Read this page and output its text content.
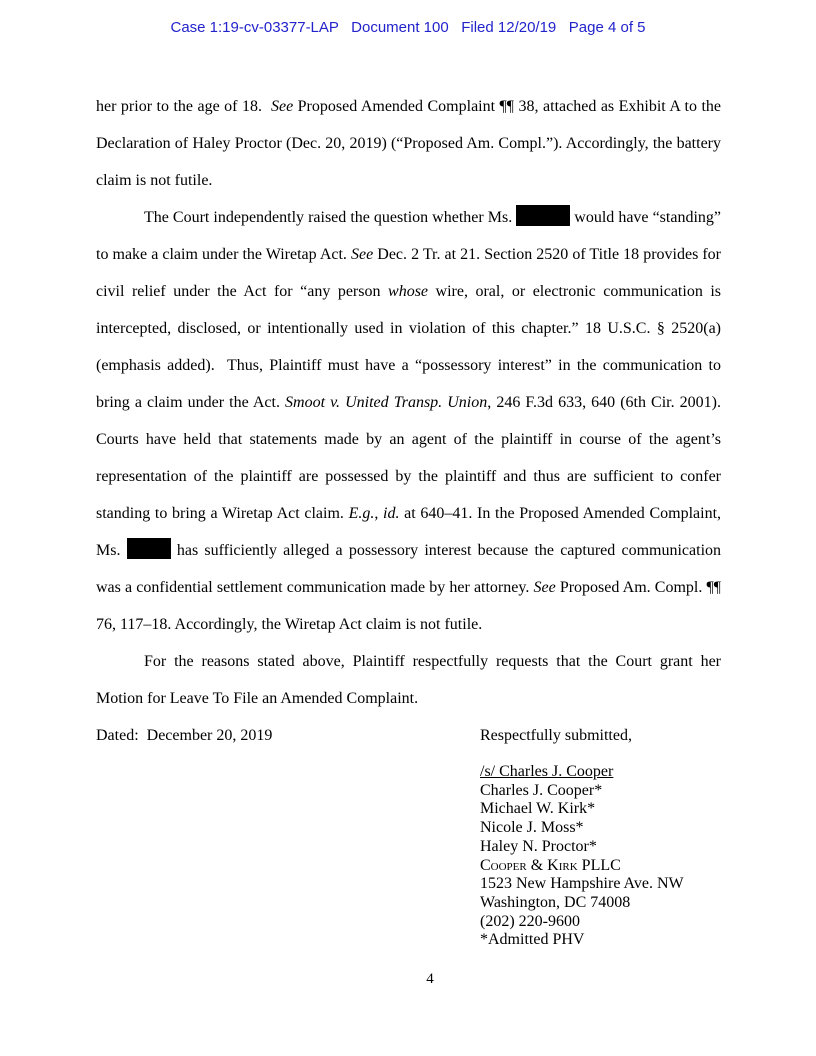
Case 1:19-cv-03377-LAP   Document 100   Filed 12/20/19   Page 4 of 5

her prior to the age of 18.  See Proposed Amended Complaint ¶¶ 38, attached as Exhibit A to the Declaration of Haley Proctor (Dec. 20, 2019) (“Proposed Am. Compl.”). Accordingly, the battery claim is not futile.

The Court independently raised the question whether Ms.	would have “standing” to make a claim under the Wiretap Act. See Dec. 2 Tr. at 21. Section 2520 of Title 18 provides for civil relief under the Act for “any person whose wire, oral, or electronic communication is intercepted, disclosed, or intentionally used in violation of this chapter.” 18 U.S.C. § 2520(a) (emphasis added).  Thus, Plaintiff must have a “possessory interest” in the communication to bring a claim under the Act. Smoot v. United Transp. Union, 246 F.3d 633, 640 (6th Cir. 2001). Courts have held that statements made by an agent of the plaintiff in course of the agent’s representation of the plaintiff are possessed by the plaintiff and thus are sufficient to confer standing to bring a Wiretap Act claim. E.g., id. at 640–41. In the Proposed Amended Complaint, Ms.	has sufficiently alleged a possessory interest because the captured communication was a confidential settlement communication made by her attorney. See Proposed Am. Compl. ¶¶ 76, 117–18. Accordingly, the Wiretap Act claim is not futile.

For the reasons stated above, Plaintiff respectfully requests that the Court grant her Motion for Leave To File an Amended Complaint.

Dated:  December 20, 2019	Respectfully submitted,
/s/ Charles J. Cooper
Charles J. Cooper*
Michael W. Kirk*
Nicole J. Moss*
Haley N. Proctor*
Cooper & Kirk PLLC
1523 New Hampshire Ave. NW
Washington, DC 74008
(202) 220-9600
*Admitted PHV
4
